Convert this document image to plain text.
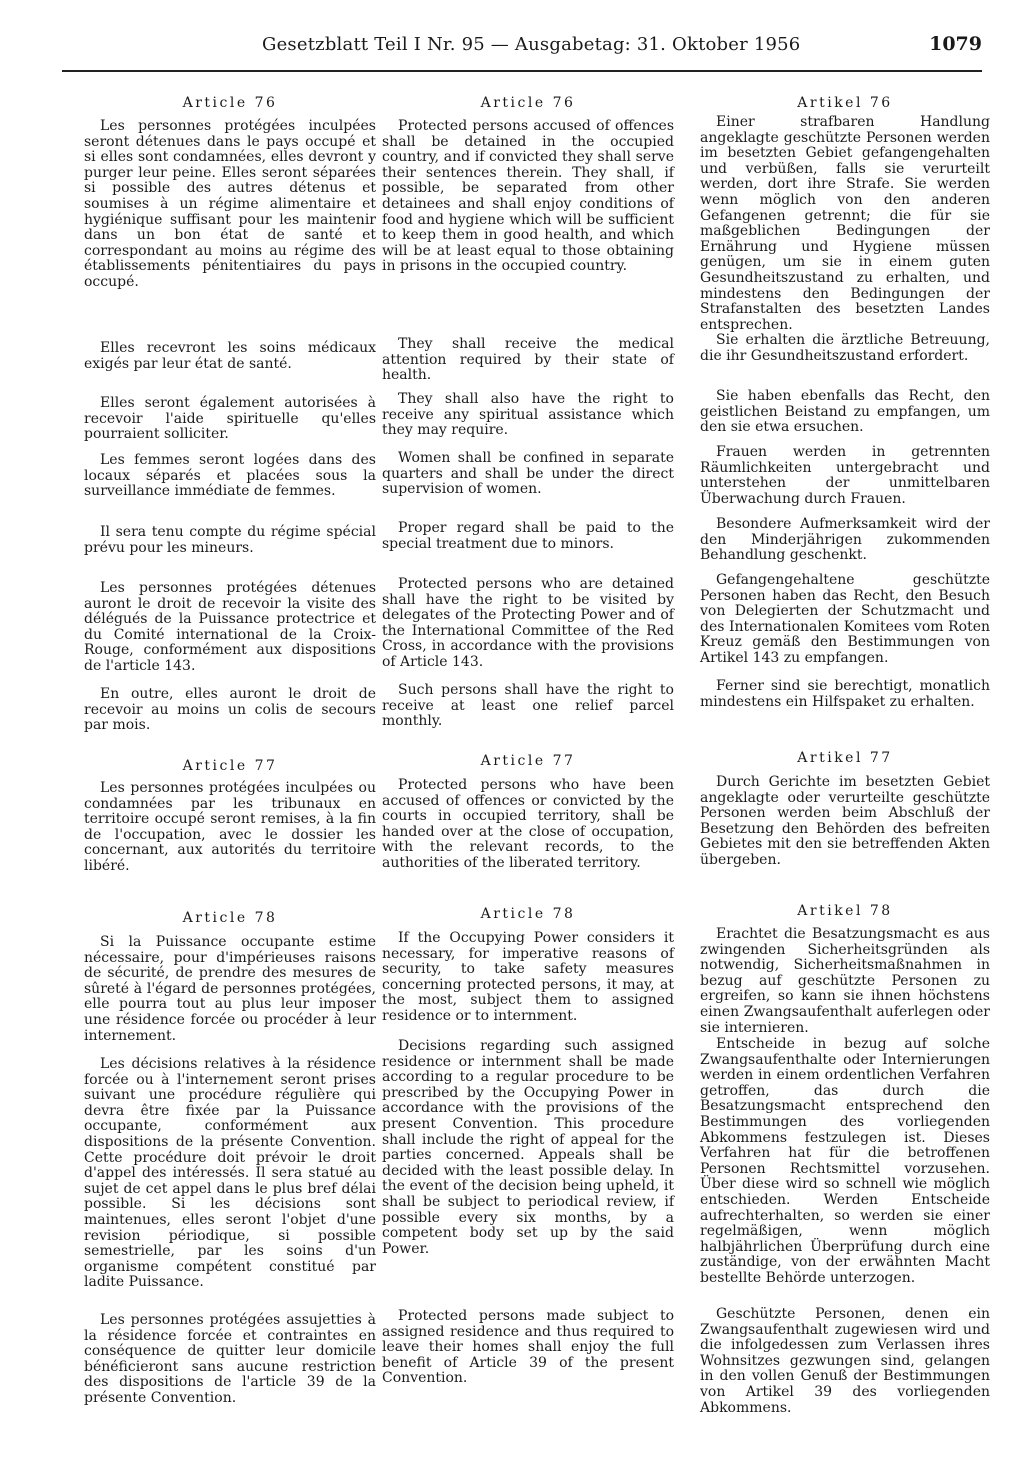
Gesetzblatt Teil I Nr. 95 — Ausgabetag: 31. Oktober 1956	1079
Article 76
Les personnes protégées inculpées seront détenues dans le pays occupé et si elles sont condamnées, elles devront y purger leur peine. Elles seront séparées si possible des autres détenus et soumises à un régime alimentaire et hygiénique suffisant pour les maintenir dans un bon état de santé et correspondant au moins au régime des établissements pénitentiaires du pays occupé.
Elles recevront les soins médicaux exigés par leur état de santé.
Elles seront également autorisées à recevoir l'aide spirituelle qu'elles pourraient solliciter.
Les femmes seront logées dans des locaux séparés et placées sous la surveillance immédiate de femmes.
Il sera tenu compte du régime spécial prévu pour les mineurs.
Les personnes protégées détenues auront le droit de recevoir la visite des délégués de la Puissance protectrice et du Comité international de la Croix-Rouge, conformément aux dispositions de l'article 143.
En outre, elles auront le droit de recevoir au moins un colis de secours par mois.
Article 77
Les personnes protégées inculpées ou condamnées par les tribunaux en territoire occupé seront remises, à la fin de l'occupation, avec le dossier les concernant, aux autorités du territoire libéré.
Article 78
Si la Puissance occupante estime nécessaire, pour d'impérieuses raisons de sécurité, de prendre des mesures de sûreté à l'égard de personnes protégées, elle pourra tout au plus leur imposer une résidence forcée ou procéder à leur internement.
Les décisions relatives à la résidence forcée ou à l'internement seront prises suivant une procédure régulière qui devra être fixée par la Puissance occupante, conformément aux dispositions de la présente Convention. Cette procédure doit prévoir le droit d'appel des intéressés. Il sera statué au sujet de cet appel dans le plus bref délai possible. Si les décisions sont maintenues, elles seront l'objet d'une revision périodique, si possible semestrielle, par les soins d'un organisme compétent constitué par ladite Puissance.
Les personnes protégées assujetties à la résidence forcée et contraintes en conséquence de quitter leur domicile bénéficieront sans aucune restriction des dispositions de l'article 39 de la présente Convention.
Article 76
Protected persons accused of offences shall be detained in the occupied country, and if convicted they shall serve their sentences therein. They shall, if possible, be separated from other detainees and shall enjoy conditions of food and hygiene which will be sufficient to keep them in good health, and which will be at least equal to those obtaining in prisons in the occupied country.
They shall receive the medical attention required by their state of health.
They shall also have the right to receive any spiritual assistance which they may require.
Women shall be confined in separate quarters and shall be under the direct supervision of women.
Proper regard shall be paid to the special treatment due to minors.
Protected persons who are detained shall have the right to be visited by delegates of the Protecting Power and of the International Committee of the Red Cross, in accordance with the provisions of Article 143.
Such persons shall have the right to receive at least one relief parcel monthly.
Article 77
Protected persons who have been accused of offences or convicted by the courts in occupied territory, shall be handed over at the close of occupation, with the relevant records, to the authorities of the liberated territory.
Article 78
If the Occupying Power considers it necessary, for imperative reasons of security, to take safety measures concerning protected persons, it may, at the most, subject them to assigned residence or to internment.
Decisions regarding such assigned residence or internment shall be made according to a regular procedure to be prescribed by the Occupying Power in accordance with the provisions of the present Convention. This procedure shall include the right of appeal for the parties concerned. Appeals shall be decided with the least possible delay. In the event of the decision being upheld, it shall be subject to periodical review, if possible every six months, by a competent body set up by the said Power.
Protected persons made subject to assigned residence and thus required to leave their homes shall enjoy the full benefit of Article 39 of the present Convention.
Artikel 76
Einer strafbaren Handlung angeklagte geschützte Personen werden im besetzten Gebiet gefangengehalten und verbüßen, falls sie verurteilt werden, dort ihre Strafe. Sie werden wenn möglich von den anderen Gefangenen getrennt; die für sie maßgeblichen Bedingungen der Ernährung und Hygiene müssen genügen, um sie in einem guten Gesundheitszustand zu erhalten, und mindestens den Bedingungen der Strafanstalten des besetzten Landes entsprechen.
Sie erhalten die ärztliche Betreuung, die ihr Gesundheitszustand erfordert.
Sie haben ebenfalls das Recht, den geistlichen Beistand zu empfangen, um den sie etwa ersuchen.
Frauen werden in getrennten Räumlichkeiten untergebracht und unterstehen der unmittelbaren Überwachung durch Frauen.
Besondere Aufmerksamkeit wird der den Minderjährigen zukommenden Behandlung geschenkt.
Gefangengehaltene geschützte Personen haben das Recht, den Besuch von Delegierten der Schutzmacht und des Internationalen Komitees vom Roten Kreuz gemäß den Bestimmungen von Artikel 143 zu empfangen.
Ferner sind sie berechtigt, monatlich mindestens ein Hilfspaket zu erhalten.
Artikel 77
Durch Gerichte im besetzten Gebiet angeklagte oder verurteilte geschützte Personen werden beim Abschluß der Besetzung den Behörden des befreiten Gebietes mit den sie betreffenden Akten übergeben.
Artikel 78
Erachtet die Besatzungsmacht es aus zwingenden Sicherheitsgründen als notwendig, Sicherheitsmaßnahmen in bezug auf geschützte Personen zu ergreifen, so kann sie ihnen höchstens einen Zwangsaufenthalt auferlegen oder sie internieren.
Entscheide in bezug auf solche Zwangsaufenthalte oder Internierungen werden in einem ordentlichen Verfahren getroffen, das durch die Besatzungsmacht entsprechend den Bestimmungen des vorliegenden Abkommens festzulegen ist. Dieses Verfahren hat für die betroffenen Personen Rechtsmittel vorzusehen. Über diese wird so schnell wie möglich entschieden. Werden Entscheide aufrechterhalten, so werden sie einer regelmäßigen, wenn möglich halbjährlichen Überprüfung durch eine zuständige, von der erwähnten Macht bestellte Behörde unterzogen.
Geschützte Personen, denen ein Zwangsaufenthalt zugewiesen wird und die infolgedessen zum Verlassen ihres Wohnsitzes gezwungen sind, gelangen in den vollen Genuß der Bestimmungen von Artikel 39 des vorliegenden Abkommens.
